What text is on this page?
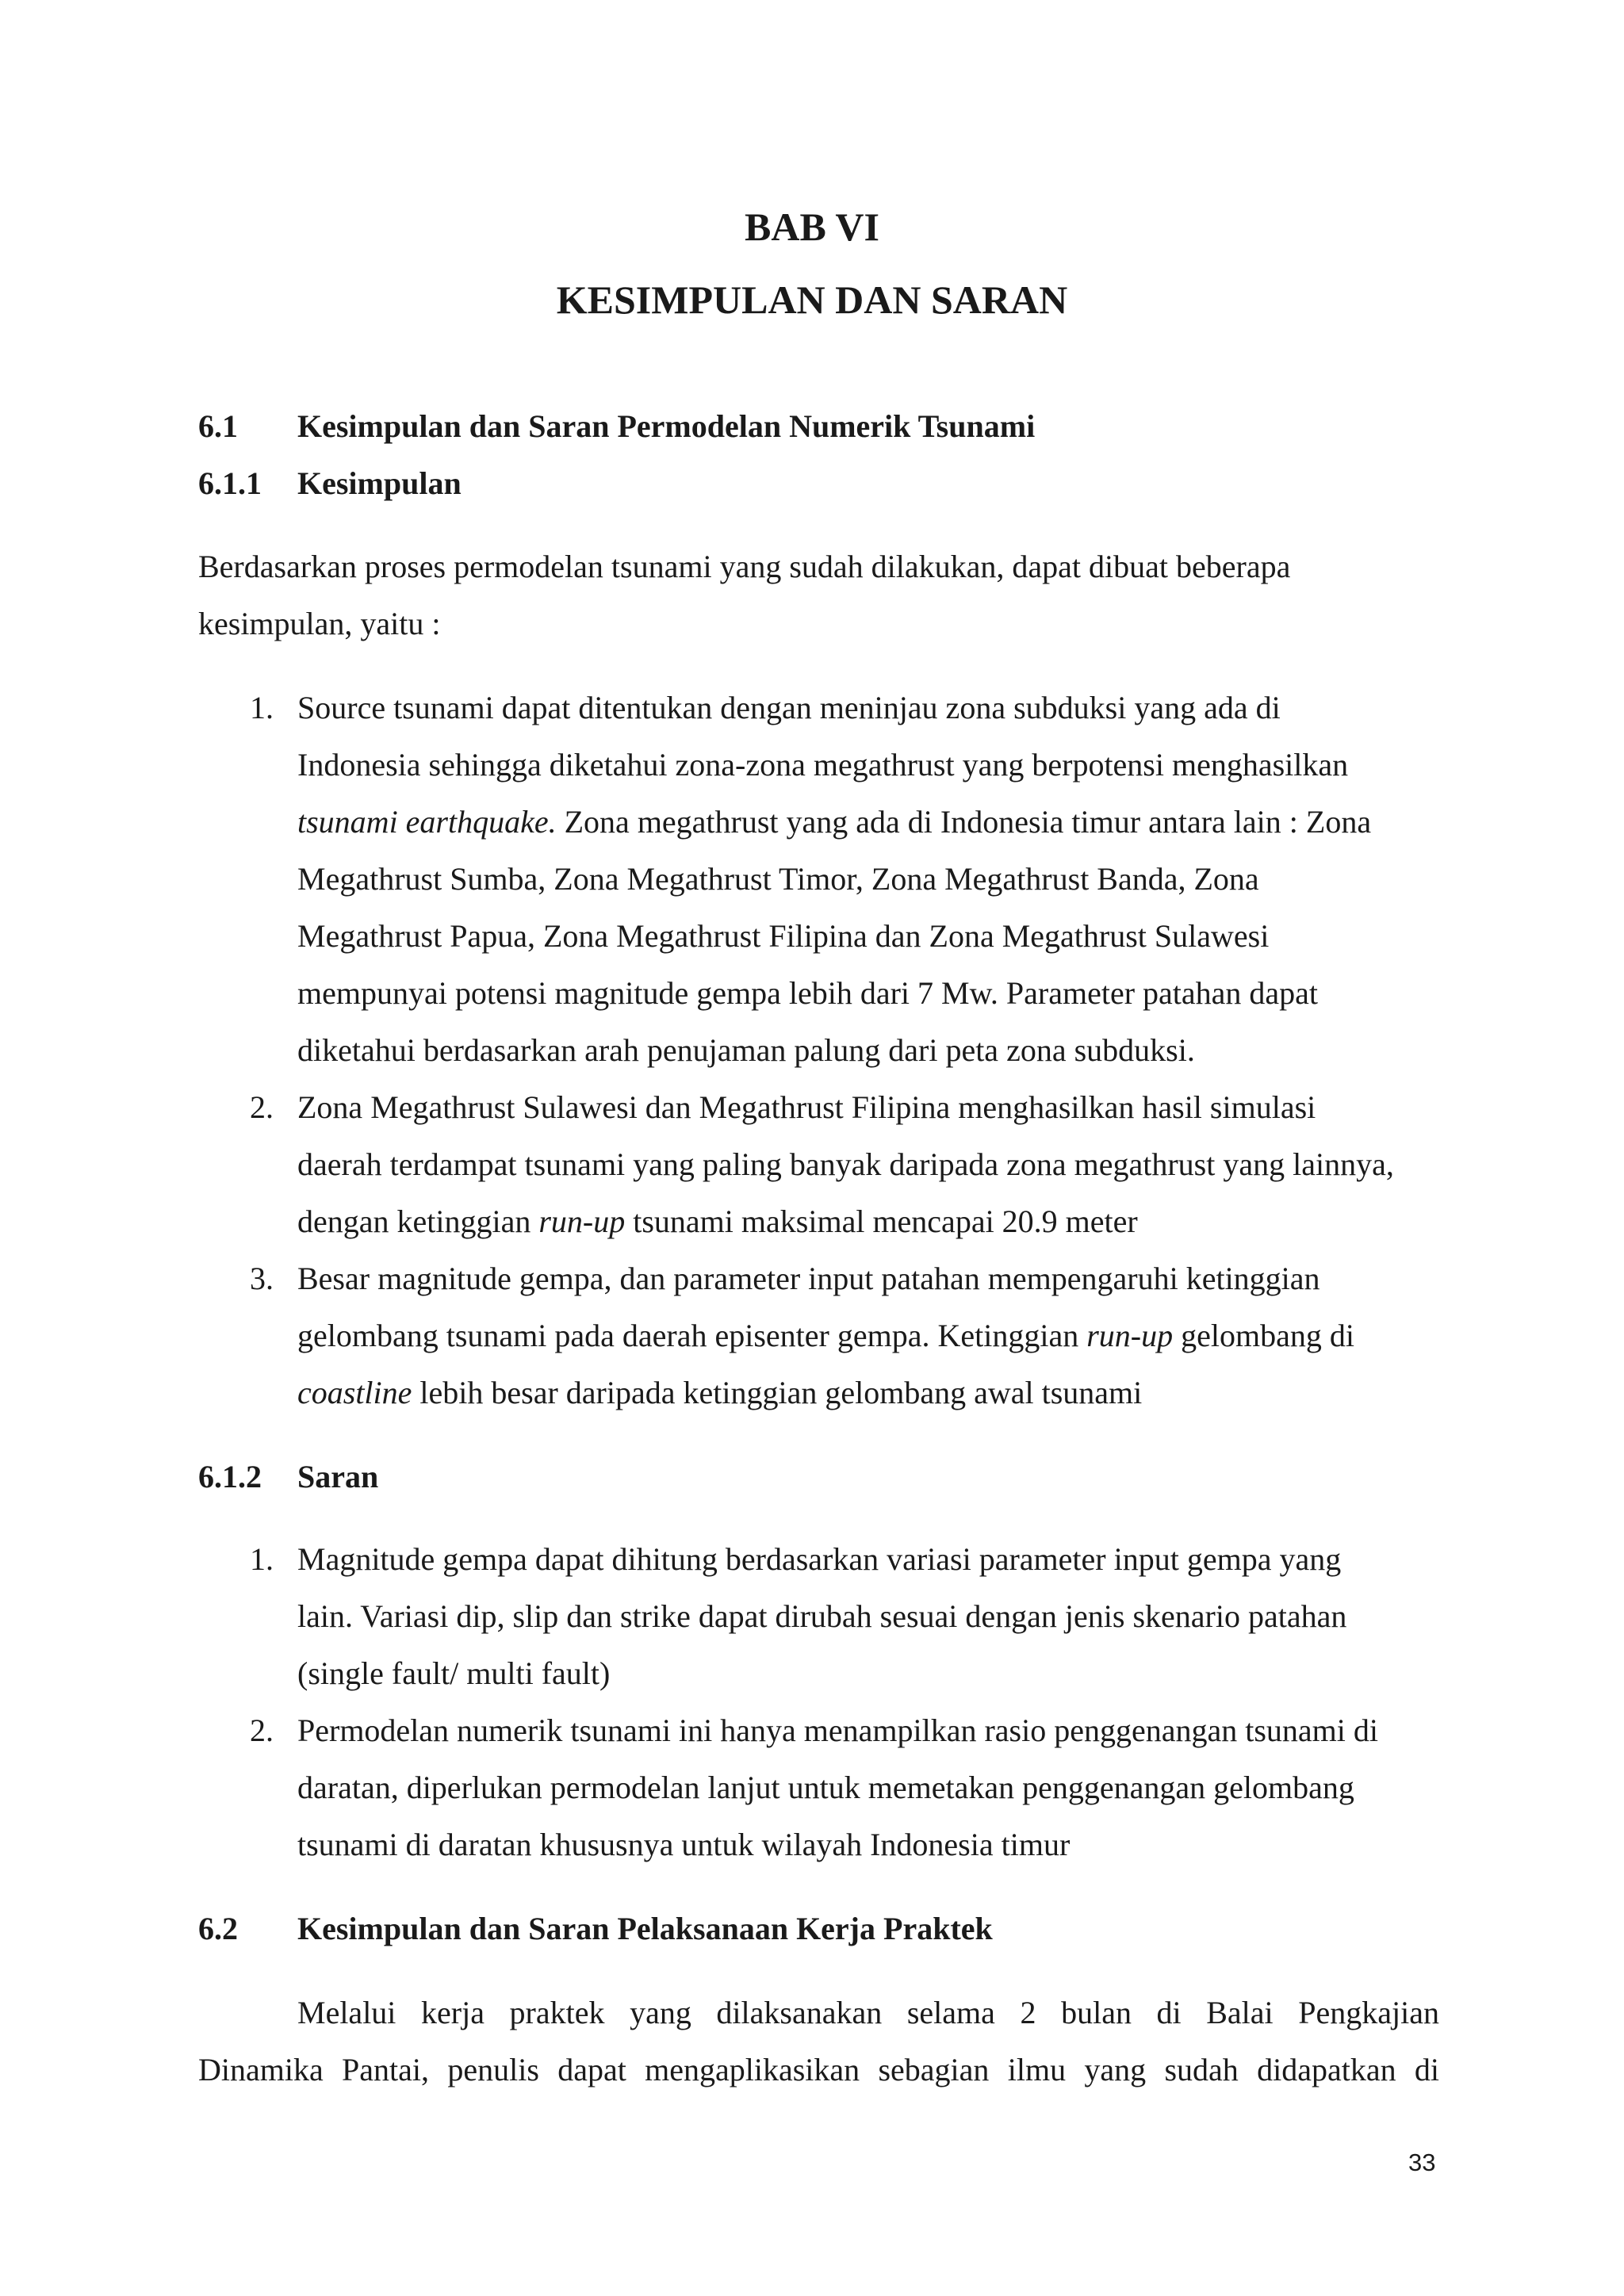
BAB VI
KESIMPULAN DAN SARAN
6.1 Kesimpulan dan Saran Permodelan Numerik Tsunami
6.1.1 Kesimpulan
Berdasarkan proses permodelan tsunami yang sudah dilakukan, dapat dibuat beberapa
kesimpulan, yaitu :
1. Source tsunami dapat ditentukan dengan meninjau zona subduksi yang ada di
Indonesia sehingga diketahui zona-zona megathrust yang berpotensi menghasilkan
tsunami earthquake. Zona megathrust yang ada di Indonesia timur antara lain : Zona
Megathrust Sumba, Zona Megathrust Timor, Zona Megathrust Banda, Zona
Megathrust Papua, Zona Megathrust Filipina dan Zona Megathrust Sulawesi
mempunyai potensi magnitude gempa lebih dari 7 Mw. Parameter patahan dapat
diketahui berdasarkan arah penujaman palung dari peta zona subduksi.
2. Zona Megathrust Sulawesi dan Megathrust Filipina menghasilkan hasil simulasi
daerah terdampat tsunami yang paling banyak daripada zona megathrust yang lainnya,
dengan ketinggian run-up tsunami maksimal mencapai 20.9 meter
3. Besar magnitude gempa, dan parameter input patahan mempengaruhi ketinggian
gelombang tsunami pada daerah episenter gempa. Ketinggian run-up gelombang di
coastline lebih besar daripada ketinggian gelombang awal tsunami
6.1.2 Saran
1. Magnitude gempa dapat dihitung berdasarkan variasi parameter input gempa yang
lain. Variasi dip, slip dan strike dapat dirubah sesuai dengan jenis skenario patahan
(single fault/ multi fault)
2. Permodelan numerik tsunami ini hanya menampilkan rasio penggenangan tsunami di
daratan, diperlukan permodelan lanjut untuk memetakan penggenangan gelombang
tsunami di daratan khususnya untuk wilayah Indonesia timur
6.2 Kesimpulan dan Saran Pelaksanaan Kerja Praktek
Melalui kerja praktek yang dilaksanakan selama 2 bulan di Balai Pengkajian
Dinamika Pantai, penulis dapat mengaplikasikan sebagian ilmu yang sudah didapatkan di
33
